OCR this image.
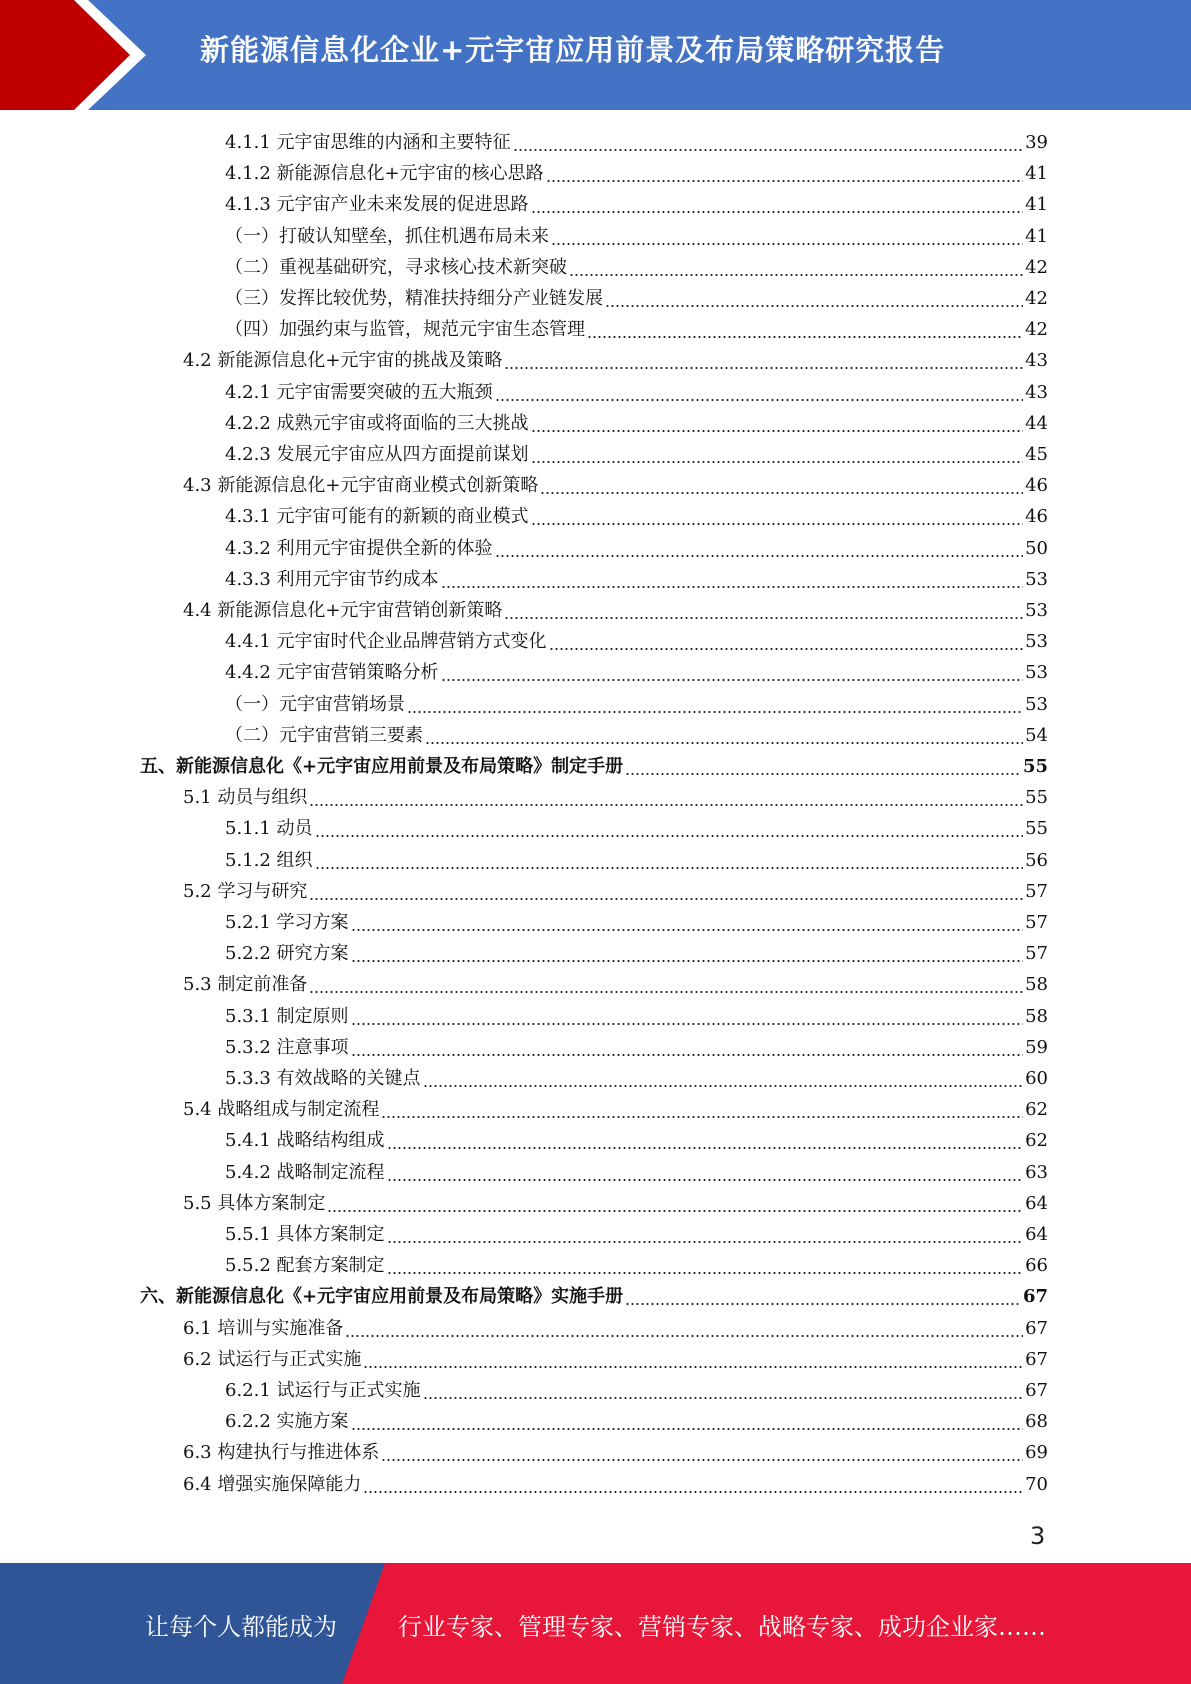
新能源信息化企业+元宇宙应用前景及布局策略研究报告
4.1.1 元宇宙思维的内涵和主要特征	39
4.1.2 新能源信息化+元宇宙的核心思路	41
4.1.3 元宇宙产业未来发展的促进思路	41
（一）打破认知壁垒，抓住机遇布局未来	41
（二）重视基础研究，寻求核心技术新突破	42
（三）发挥比较优势，精准扶持细分产业链发展	42
（四）加强约束与监管，规范元宇宙生态管理	42
4.2 新能源信息化+元宇宙的挑战及策略	43
4.2.1 元宇宙需要突破的五大瓶颈	43
4.2.2 成熟元宇宙或将面临的三大挑战	44
4.2.3 发展元宇宙应从四方面提前谋划	45
4.3 新能源信息化+元宇宙商业模式创新策略	46
4.3.1 元宇宙可能有的新颖的商业模式	46
4.3.2 利用元宇宙提供全新的体验	50
4.3.3 利用元宇宙节约成本	53
4.4 新能源信息化+元宇宙营销创新策略	53
4.4.1 元宇宙时代企业品牌营销方式变化	53
4.4.2 元宇宙营销策略分析	53
（一）元宇宙营销场景	53
（二）元宇宙营销三要素	54
五、新能源信息化《+元宇宙应用前景及布局策略》制定手册	55
5.1 动员与组织	55
5.1.1 动员	55
5.1.2 组织	56
5.2 学习与研究	57
5.2.1 学习方案	57
5.2.2 研究方案	57
5.3 制定前准备	58
5.3.1 制定原则	58
5.3.2 注意事项	59
5.3.3 有效战略的关键点	60
5.4 战略组成与制定流程	62
5.4.1 战略结构组成	62
5.4.2 战略制定流程	63
5.5 具体方案制定	64
5.5.1 具体方案制定	64
5.5.2 配套方案制定	66
六、新能源信息化《+元宇宙应用前景及布局策略》实施手册	67
6.1 培训与实施准备	67
6.2 试运行与正式实施	67
6.2.1 试运行与正式实施	67
6.2.2 实施方案	68
6.3 构建执行与推进体系	69
6.4 增强实施保障能力	70
3
让每个人都能成为	行业专家、管理专家、营销专家、战略专家、成功企业家……
